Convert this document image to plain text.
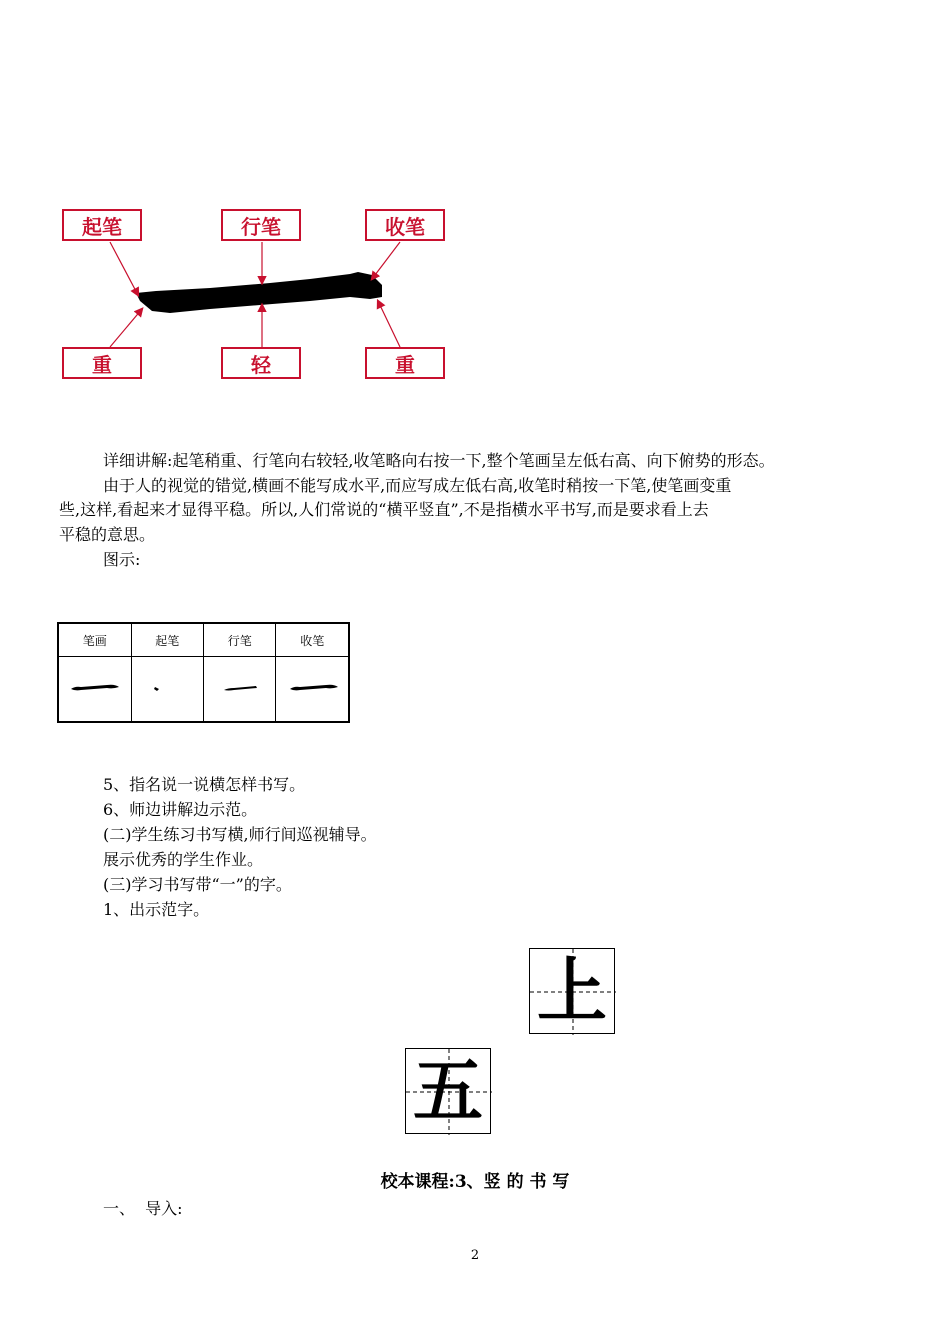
起笔	行笔	收笔
重	轻	重
详细讲解:起笔稍重、行笔向右较轻,收笔略向右按一下,整个笔画呈左低右高、向下俯势的形态。
由于人的视觉的错觉,横画不能写成水平,而应写成左低右高,收笔时稍按一下笔,使笔画变重
些,这样,看起来才显得平稳。所以,人们常说的“横平竖直”,不是指横水平书写,而是要求看上去
平稳的意思。
图示:
笔画	起笔	行笔	收笔

5、指名说一说横怎样书写。
6、师边讲解边示范。
(二)学生练习书写横,师行间巡视辅导。
展示优秀的学生作业。
(三)学习书写带“一”的字。
1、出示范字。
上
五
校本课程:3、竖 的 书 写
一、  导入:
2
